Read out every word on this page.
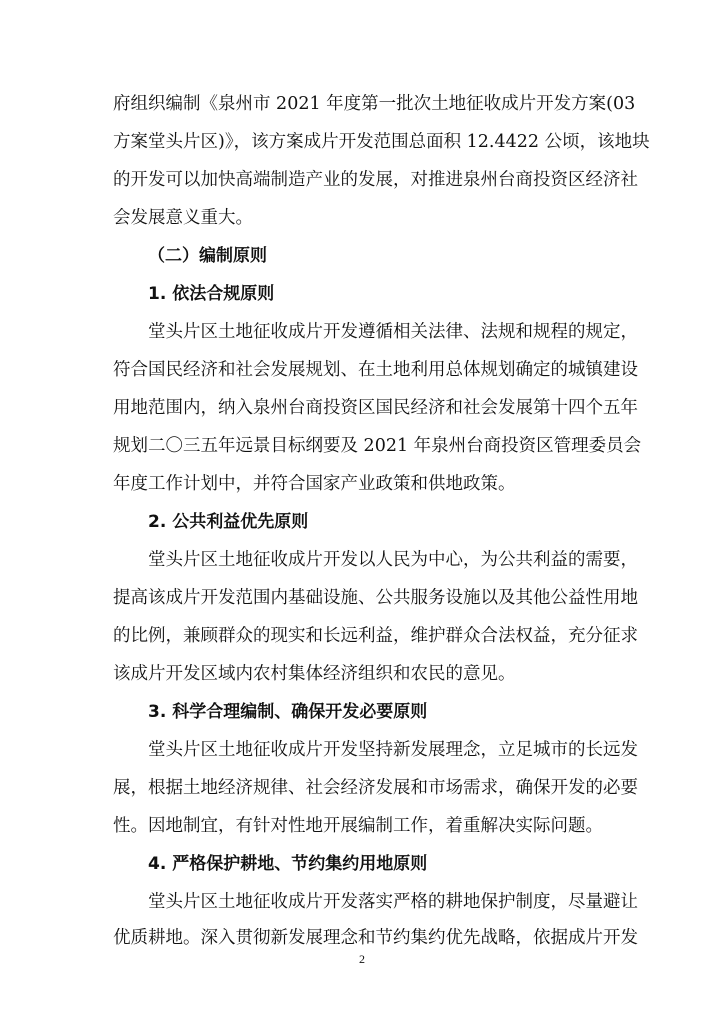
府组织编制《泉州市 2021 年度第一批次土地征收成片开发方案(03
方案堂头片区)》，该方案成片开发范围总面积 12.4422 公顷，该地块
的开发可以加快高端制造产业的发展，对推进泉州台商投资区经济社
会发展意义重大。
（二）编制原则
1. 依法合规原则
堂头片区土地征收成片开发遵循相关法律、法规和规程的规定，
符合国民经济和社会发展规划、在土地利用总体规划确定的城镇建设
用地范围内，纳入泉州台商投资区国民经济和社会发展第十四个五年
规划二〇三五年远景目标纲要及 2021 年泉州台商投资区管理委员会
年度工作计划中，并符合国家产业政策和供地政策。
2. 公共利益优先原则
堂头片区土地征收成片开发以人民为中心，为公共利益的需要，
提高该成片开发范围内基础设施、公共服务设施以及其他公益性用地
的比例，兼顾群众的现实和长远利益，维护群众合法权益，充分征求
该成片开发区域内农村集体经济组织和农民的意见。
3. 科学合理编制、确保开发必要原则
堂头片区土地征收成片开发坚持新发展理念，立足城市的长远发
展，根据土地经济规律、社会经济发展和市场需求，确保开发的必要
性。因地制宜，有针对性地开展编制工作，着重解决实际问题。
4. 严格保护耕地、节约集约用地原则
堂头片区土地征收成片开发落实严格的耕地保护制度，尽量避让
优质耕地。深入贯彻新发展理念和节约集约优先战略，依据成片开发
2
